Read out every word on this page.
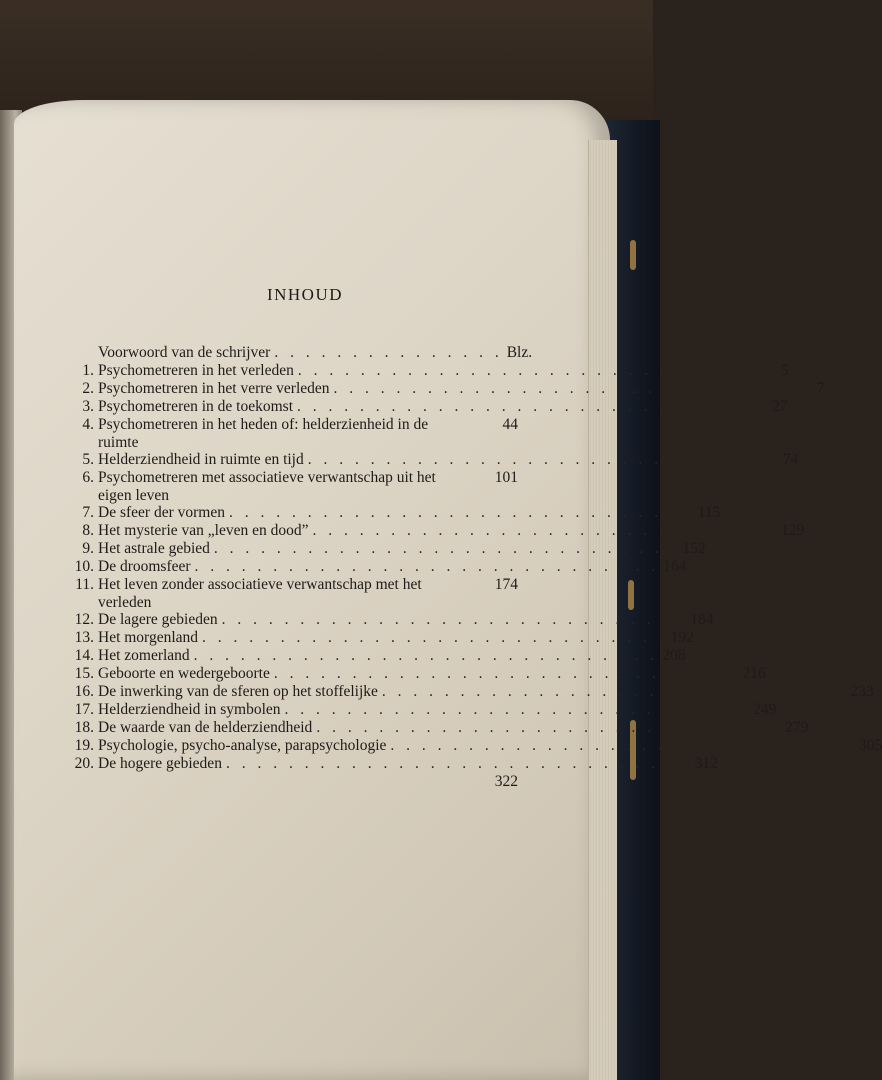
INHOUD
Voorwoord van de schrijver . . . . . . . . . . . . . . . Blz.
1. Psychometreren in het verleden . . . . . . . . . . . . . . . . . . . . . . . . . . . . . .	5
2. Psychometreren in het verre verleden . . . . . . . . . . . . . . . . . . . . . . . . . . . . . .	7
3. Psychometreren in de toekomst . . . . . . . . . . . . . . . . . . . . . . . . . . . . . . 27
4. Psychometreren in het heden of: helderzienheid in de	44
ruimte
5. Helderziendheid in ruimte en tijd . . . . . . . . . . . . . . . . . . . . . . . . . . . . . . 74
6. Psychometreren met associatieve verwantschap uit het	101
eigen leven
7. De sfeer der vormen . . . . . . . . . . . . . . . . . . . . . . . . . . . . . . 115
8. Het mysterie van „leven en dood” . . . . . . . . . . . . . . . . . . . . . . . . . . . . . . 129
9. Het astrale gebied . . . . . . . . . . . . . . . . . . . . . . . . . . . . . . 152
10. De droomsfeer . . . . . . . . . . . . . . . . . . . . . . . . . . . . . . 164
11. Het leven zonder associatieve verwantschap met het	174
verleden
12. De lagere gebieden . . . . . . . . . . . . . . . . . . . . . . . . . . . . . . 184
13. Het morgenland . . . . . . . . . . . . . . . . . . . . . . . . . . . . . . 192
14. Het zomerland . . . . . . . . . . . . . . . . . . . . . . . . . . . . . . 208
15. Geboorte en wedergeboorte . . . . . . . . . . . . . . . . . . . . . . . . . . . . . . 216
16. De inwerking van de sferen op het stoffelijke . . . . . . . . . . . . . . . . . . . . . . . . . . . . . . 233
17. Helderziendheid in symbolen . . . . . . . . . . . . . . . . . . . . . . . . . . . . . . 249
18. De waarde van de helderziendheid . . . . . . . . . . . . . . . . . . . . . . . . . . . . . . 279
19. Psychologie, psycho-analyse, parapsychologie . . . . . . . . . . . . . . . . . . . . . . . . . . . . . . 305
20. De hogere gebieden . . . . . . . . . . . . . . . . . . . . . . . . . . . . . . 312
322
